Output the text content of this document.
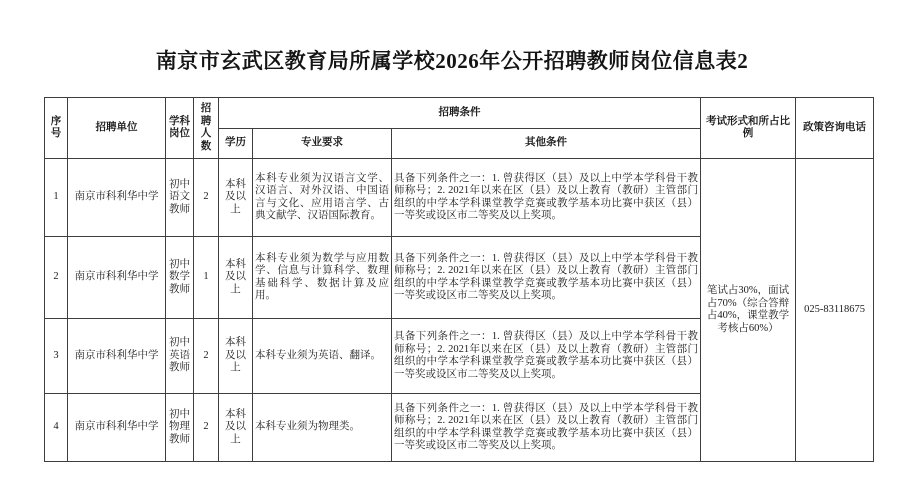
南京市玄武区教育局所属学校2026年公开招聘教师岗位信息表2
序号	招聘单位	学科岗位	招聘人数	招聘条件			考试形式和所占比例	政策咨询电话
				学历	专业要求	其他条件		
1	南京市科利华中学	初中语文教师	2	本科及以上	本科专业须为汉语言文学、汉语言、对外汉语、中国语言与文化、应用语言学、古典文献学、汉语国际教育。	具备下列条件之一：1. 曾获得区（县）及以上中学本学科骨干教师称号；2. 2021年以来在区（县）及以上教育（教研）主管部门组织的中学本学科课堂教学竞赛或教学基本功比赛中获区（县）一等奖或设区市二等奖及以上奖项。	笔试占30%，面试占70%（综合答辩占40%，课堂教学考核占60%）	025-83118675
2	南京市科利华中学	初中数学教师	1	本科及以上	本科专业须为数学与应用数学、信息与计算科学、数理基础科学、数据计算及应用。	具备下列条件之一：1. 曾获得区（县）及以上中学本学科骨干教师称号；2. 2021年以来在区（县）及以上教育（教研）主管部门组织的中学本学科课堂教学竞赛或教学基本功比赛中获区（县）一等奖或设区市二等奖及以上奖项。		
3	南京市科利华中学	初中英语教师	2	本科及以上	本科专业须为英语、翻译。	具备下列条件之一：1. 曾获得区（县）及以上中学本学科骨干教师称号；2. 2021年以来在区（县）及以上教育（教研）主管部门组织的中学本学科课堂教学竞赛或教学基本功比赛中获区（县）一等奖或设区市二等奖及以上奖项。		
4	南京市科利华中学	初中物理教师	2	本科及以上	本科专业须为物理类。	具备下列条件之一：1. 曾获得区（县）及以上中学本学科骨干教师称号；2. 2021年以来在区（县）及以上教育（教研）主管部门组织的中学本学科课堂教学竞赛或教学基本功比赛中获区（县）一等奖或设区市二等奖及以上奖项。		
